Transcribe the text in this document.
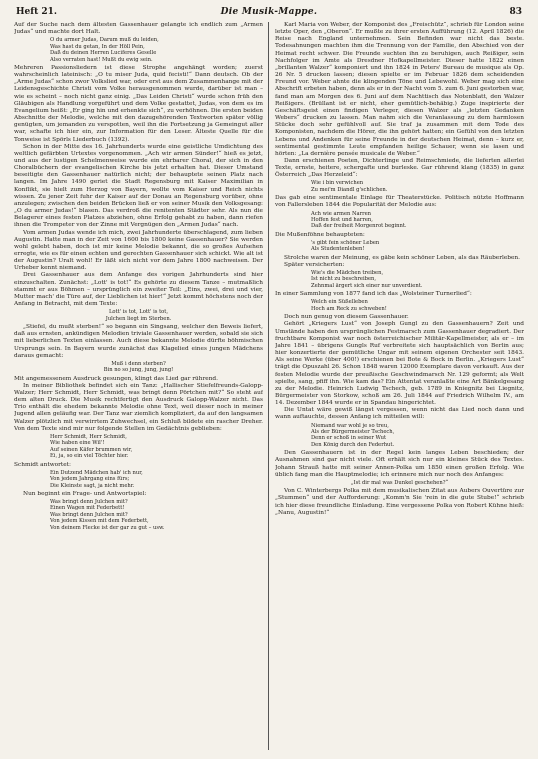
Heft 21.	Die Musik-Mappe.	83

Auf der Suche nach dem ältesten Gassenhauer gelangte ich endlich zum „Armen Judas“ und machte dort Halt.

O du armer Judas, Darum muß du leiden,
Was hast du getan, In der Höll Pein,
Daß du deinen Herren Luciferes Geselle
Also verraten hast! Mußt du ewig sein.

Mehreren Passionsliedern ist diese Strophe angehängt worden; zuerst wahrscheinlich lateinisch: „O tu miser Juda, quid fecisti!“ Dann deutsch. Ob der „Arme Judas“ schon zwor Volkslied war, oder erst aus dem Zusammenhange mit der Leidensgeschichte Christi vom Volke herausgenommen wurde, darüber ist man – wie es scheint – noch nicht ganz einig. „Das Leiden Christi“ wurde schon früh den Gläubigen als Handlung vorgeführt und dem Volke gestattet, Judas, von dem es im Evangelium heißt: „Er ging hin und erhenkte sich“, zu verhöhnen. Die ersten beiden Abschnitte der Melodie, welche mit den dazugehörenden Textworten später völlig genügten, um jemanden zu verspotten, weil ihn die Fortsetzung ja Gemeingut aller war, schafte ich hier ein, zur Information für den Leser. Älteste Quelle für die Tonweise ist Spörls Liederbuch (1392).

Schon in der Mitte des 16. Jahrhunderts wurde eine geistliche Umdichtung des weltlich gefärbten Urtextes vorgenommen. „Ach wir armen Sünder!“ hieß es jetzt, und aus der lustigen Schelmenweise wurde ein ehrbarer Choral, der sich in den Choralbüchern der evangelischen Kirche bis jetzt erhalten hat. Dieser Umstand beseitigte den Gassenhauer natürlich nicht; der behauptete seinen Platz nach langen. Im Jahre 1490 geriet die Stadt Regensburg mit Kaiser Maximilian in Konflikt, sie hielt zum Herzog von Bayern, wollte vom Kaiser und Reich nichts wissen. Zu jener Zeit fuhr der Kaiser auf der Donau an Regensburg vorüber, ohne anzulegen; zwischen den beiden Brücken ließ er von seiner Musik den Volksgesang: „O du armer Judas!“ blasen. Das verdroß die renitenten Städter sehr. Als nun die Belagerer eines festen Platzes abziehen, ohne Erfolg gehabt zu haben, dann riefen ihnen die Trompeter von der Zinne mit Vergnügen den „Armen Judas“ nach.

Vom armen Judas wende ich mich, zwei Jahrhunderte überschlagend, zum lieben Augustin. Hatte man in der Zeit von 1600 bis 1800 keine Gassenhauer? Sie werden wohl gelebt haben, doch ist mir keine Melodie bekannt, die so großes Aufsehen erregte, wie es für einen echten und gerechten Gassenhauer sich schickt. Wie alt ist der Augustin? Uralt wohl! Er läßt sich nicht vor dem Jahre 1800 nachweisen. Der Urheber kennt niemand.

Drei Gassenhauer aus dem Anfange des vorigen Jahrhunderts sind hier einzuschalten. Zunächst: „Lott' is tot!“ Es gehörte zu diesem Tanze – mutmaßlich stammt er aus Böhmen – ursprünglich ein zweiter Teil: „Eins, zwei, drei und vier, Mutter mach' die Türe auf, der Lieblichen ist hier!“ Jetzt kommt höchstens noch der Anfang in Betracht, mit dem Texte:

Lott' is tot, Lott' is tot,
Julchen liegt im Sterben.

„Stiefel, du mußt sterben!“ so begann ein Singsang, welcher den Beweis liefert, daß aus ernsten, ankündigen Melodien triviale Gassenhauer werden, sobald sie sich mit lieberlichen Texten einlassen. Auch diese bekannte Melodie dürfte böhmischen Ursprungs sein. In Bayern wurde zunächst das Klagelied eines jungen Mädchens daraus gemacht:

Muß i denn sterben?
Bin no so jung, jung, jung!

Mit angemessenem Ausdruck gesungen, klingt das Lied gar rührend.

In meiner Bibliothek befindet sich ein Tanz: „Hallischer Stiefelfreunds-Galopp-Walzer; Herr Schmidt, Herr Schmidt, was bringt denn Pörtchen mit?“ So steht auf dem alten Druck. Die Musik rechtfertigt den Ausdruck Galopp-Walzer nicht. Das Trio enthält die ehedem bekannte Melodie ohne Text, weil dieser noch in meiner Jugend allen geläufig war. Der Tanz war ziemlich kompliziert, da auf den langsamen Walzer plötzlich mit verwirrtem Zuhwechsel, ein Schluß bildete ein rascher Dreher. Von dem Texte sind mir nur folgende Stellen im Gedächtnis geblieben:

Herr Schmidt, Herr Schmidt,
Wie haben eine Wil'!
Auf seinen Käfer brummen wir,
Ei, ja, so ein viel Töchter hier.

Schmidt antwortet:

Ein Dutzend Mädchen hab' ich nur,
Von jedem Jahrgang eins fürs;
Die Kleinste sagt, ja nicht mehr.

Nun beginnt ein Frage- und Antwortspiel:

Was bringt denn Julchen mit?
Einen Wagen mit Federbett!
Was bringt denn Julchen mit?
Von jedem Kissen mit dem Federbett,
Von deinem Flecke ist der gar zu gut – usw.

Karl Maria von Weber, der Komponist des „Freischütz“, schrieb für London seine letzte Oper, den „Oberon“. Er mußte zu ihrer ersten Aufführung (12. April 1826) die Reise nach England unternehmen. Sein Befinden war nicht das beste. Todesahnungen machten ihm die Trennung von der Familie, den Abschied von der Heimat recht schwer. Die Freunde suchten ihn zu beruhigen, auch Reißiger, sein Nachfolger im Amte als Dresdner Hofkapellmeister. Dieser hatte 1822 einen „brillanten Walzer“ komponiert und ihn 1824 in Peters' Bureau de musique als Op. 26 Nr. 5 drucken lassen; diesen spielte er im Februar 1826 dem scheidenden Freund vor. Weber ahnte die klingenden Töne und Lebewohl. Weber mag sich eine Abschrift erbeten haben, denn als er in der Nacht vom 5. zum 6. Juni gestorben war, fand man am Morgen des 6. Juni auf dem Nachttisch das Notenblatt, den Walzer Reißigers. (Brüllant ist er nicht, eher gemütlich-behäbig.) Zuge inspirierte der Geschäftsgeist einen findigen Verleger, diesen Walzer als „letzten Gedanken Webers“ drucken zu lassen. Man nahm sich die Veranlassung zu dem harmlosen Stücke doch sehr gefühlvoll auf. Sie traf ja zusammen mit dem Tode des Komponisten, nachdem die Hörer, die ihn gehört hatten; ein Gefühl von den letzten Lebens und Andenken für seine Freunde in der deutschen Heimat, denn – kurz er, sentimental gestimmte Leute empfanden heilige Schauer, wenn sie lasen und hörten: „La dernière pensée musicale de Weber.“

Dann erschienen Poeten, Dichterlinge und Reimschmiede, die lieferten allerlei Texte, ernste, heitere, schergafte und burleske. Gar rührend klang (1835) in ganz Österreich „Das Herzeleid“:

Wie i bin verwichen
Zu mei'm Diandl g'schlichen.

Das gab eine sentimentale Einlage für Theaterstücke. Politisch nützte Hoffmann von Fallersleben 1844 die Popularität der Melodie aus:

Ach wie armen Narren
Hoffen fest und harren,
Daß der freiheit Morgenrot beginnt.

Die Mußenföhne behaupteten:

's gibt fein schöner Leben
Als Studentenleben!

Strolche waren der Meinung, es gäbe kein schöner Leben, als das Räuberleben.

Später versicherten:

Wie's die Mädchen treiben,
Ist nicht zu beschreiben,
Zehnmal ärgert sich einer nur unverdient.

In einer Sammlung von 1877 fand ich das „Wolsteiner Turnerlied“:

Welch ein Süßelleben
Hoch am Reck zu schweben!

Doch nun genug von diesem Gassenhauer.

Gehört „Kriegers Lust“ von Joseph Gungl zu den Gassenhauern? Zeit und Umstände haben den ursprünglichen Festmarsch zum Gassenhauer degradiert. Der fruchtbare Komponist war noch österreichischer Militär-Kapellmeister, als er – im Jahre 1841 – übrigens Gungls Ruf verbreitete sich hauptsächlich von Berlin aus; hier konzertierte der gemütliche Ungar mit seinem eigenen Orchester seit 1843. Als seine Werke (über 400!) erschienen bei Bote & Bock in Berlin. „Kriegers Lust“ trägt die Opuszahl 26. Schon 1848 waren 12000 Exemplare davon verkauft. Aus der festen Melodie wurde der preußische Geschwindmarsch Nr. 129 geformt; als Welt spielte, sang, pfiff ihn. Wie kam das? Ein Attentat veranlaßte eine Art Bänkelgesang zu der Melodie. Heinrich Ludwig Tschech, geb. 1789 in Kniegnitz bei Liegnitz, Bürgermeister von Storkow, schoß am 26. Juli 1844 auf Friedrich Wilhelm IV., am 14. Dezember 1844 wurde er in Spandau hingerichtet.

Die Untat wäre gewiß längst vergessen, wenn nicht das Lied noch dann und wann auftauchte, dessen Anfang ich mitteilen will:

Niemand war wohl je so treu,
Als der Bürgermeister Tschech,
Denn er schoß in seiner Wut
Den König durch den Federhut.

Den Gassenhauern ist in der Regel kein langes Leben beschieden; der Ausnahmen sind gar nicht viele. Oft erhält sich nur ein kleines Stück des Textes. Johann Strauß hatte mit seiner Annen-Polka um 1850 einen großen Erfolg. Wie üblich fang man die Hauptmelodie; ich erinnere mich nur noch des Anfanges:

„Ist dir mal was Dunkel geschehen?“

Von C. Winterbergs Polka mit dem musikalischen Zitat aus Aubers Ouvertüre zur „Stummen“ und der Aufforderung: „Komm'n Sie 'rein in die gute Stube!“ schrieb ich hier diese freundliche Einladung. Eine vergessene Polka von Robert Kühne hieß: „Nanu, Augustin!“
